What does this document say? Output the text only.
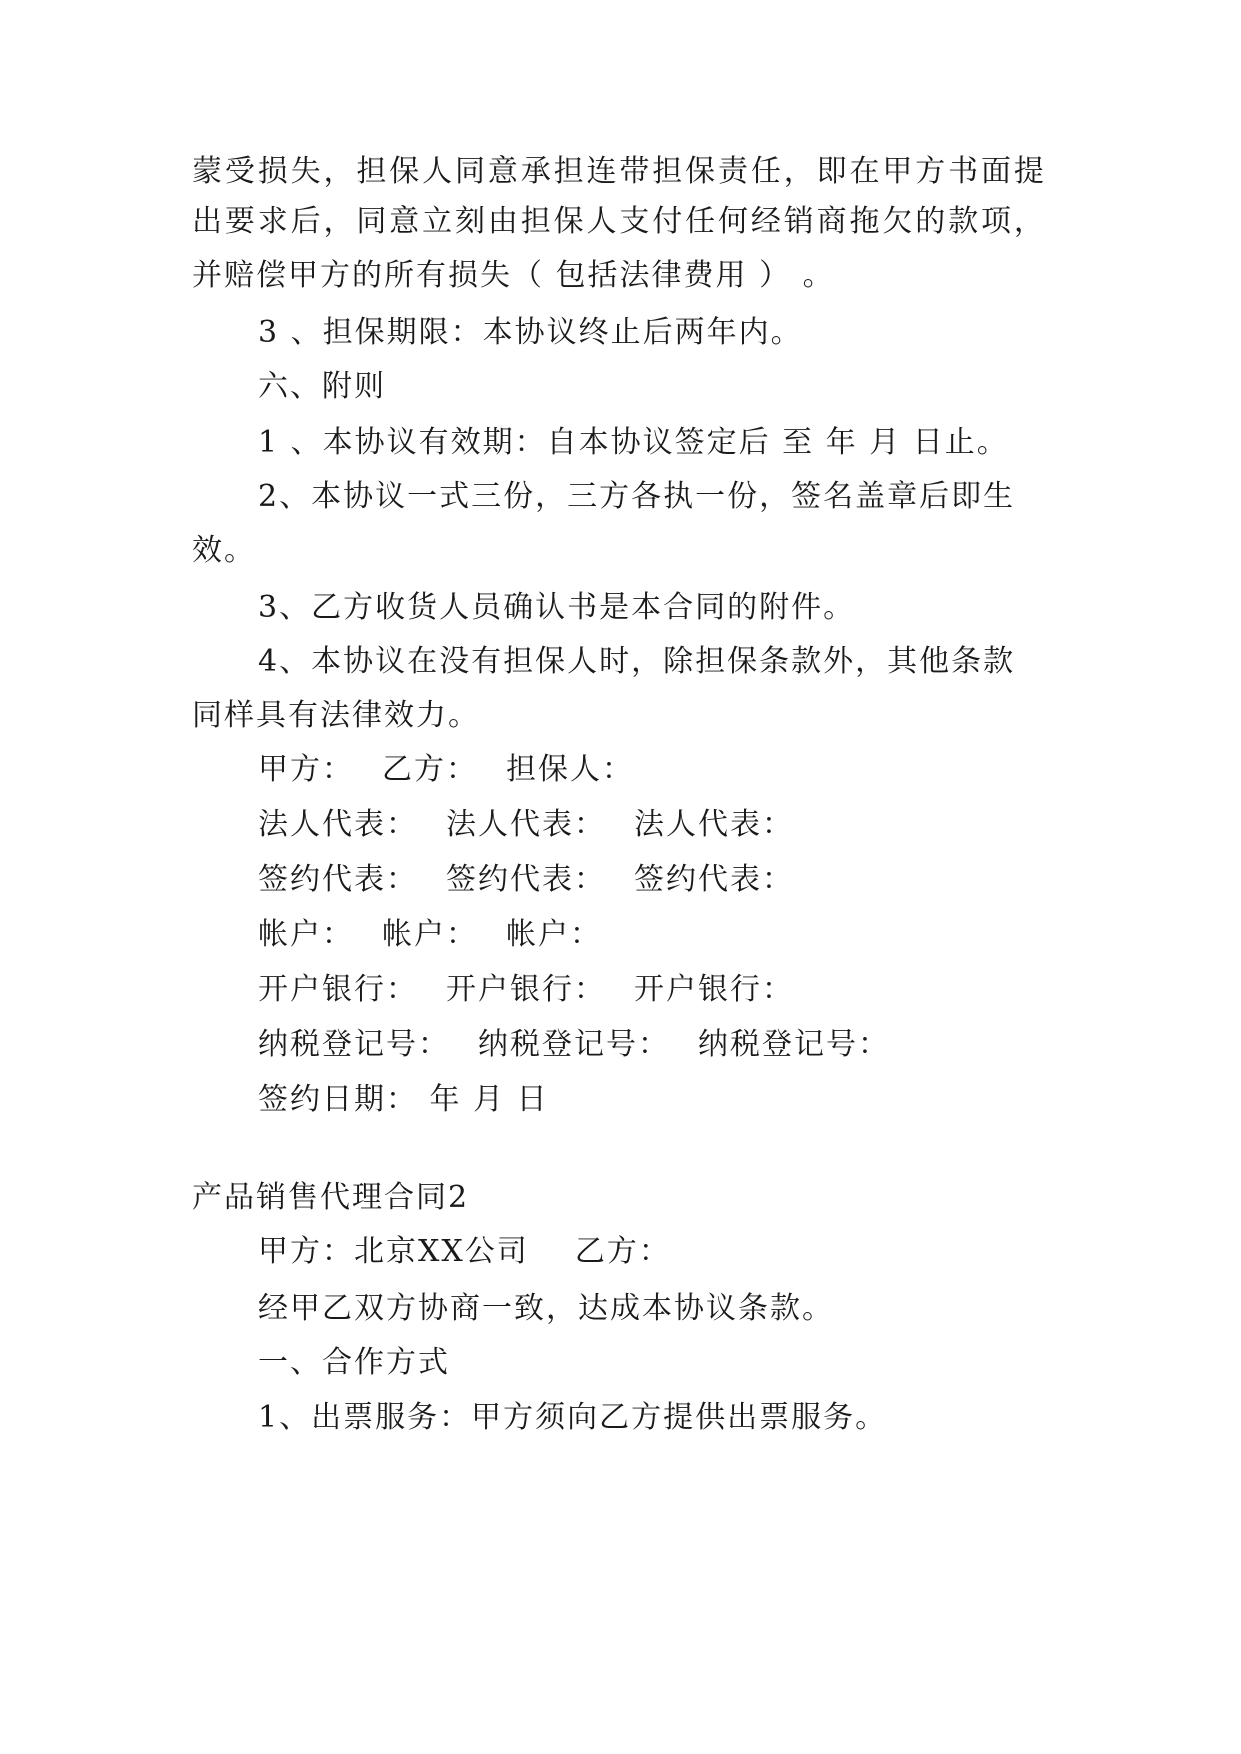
蒙 受 损 失 ， 担 保 人 同 意 承 担 连 带 担 保 责 任 ， 即 在 甲 方 书 面 提
出 要 求 后 ， 同 意 立 刻 由 担 保 人 支 付 任 何 经 销 商 拖 欠 的 款 项 ，
并赔偿甲方的所有损失（ 包括法律费用 ） 。
3 、担保期限：本协议终止后两年内。
六、附则
1 、本协议有效期：自本协议签定后 至 年 月 日止。
2、本协议一式三份，三方各执一份，签名盖章后即生
效。
3、乙方收货人员确认书是本合同的附件。
4、本协议在没有担保人时，除担保条款外，其他条款
同样具有法律效力。
甲方： 乙方： 担保人：
法人代表： 法人代表： 法人代表：
签约代表： 签约代表： 签约代表：
帐户： 帐户： 帐户：
开户银行： 开户银行： 开户银行：
纳税登记号： 纳税登记号： 纳税登记号：
签约日期： 年 月 日
产品销售代理合同2
甲方：北京XX公司    乙方：
经甲乙双方协商一致，达成本协议条款。
一、合作方式
1、出票服务：甲方须向乙方提供出票服务。
